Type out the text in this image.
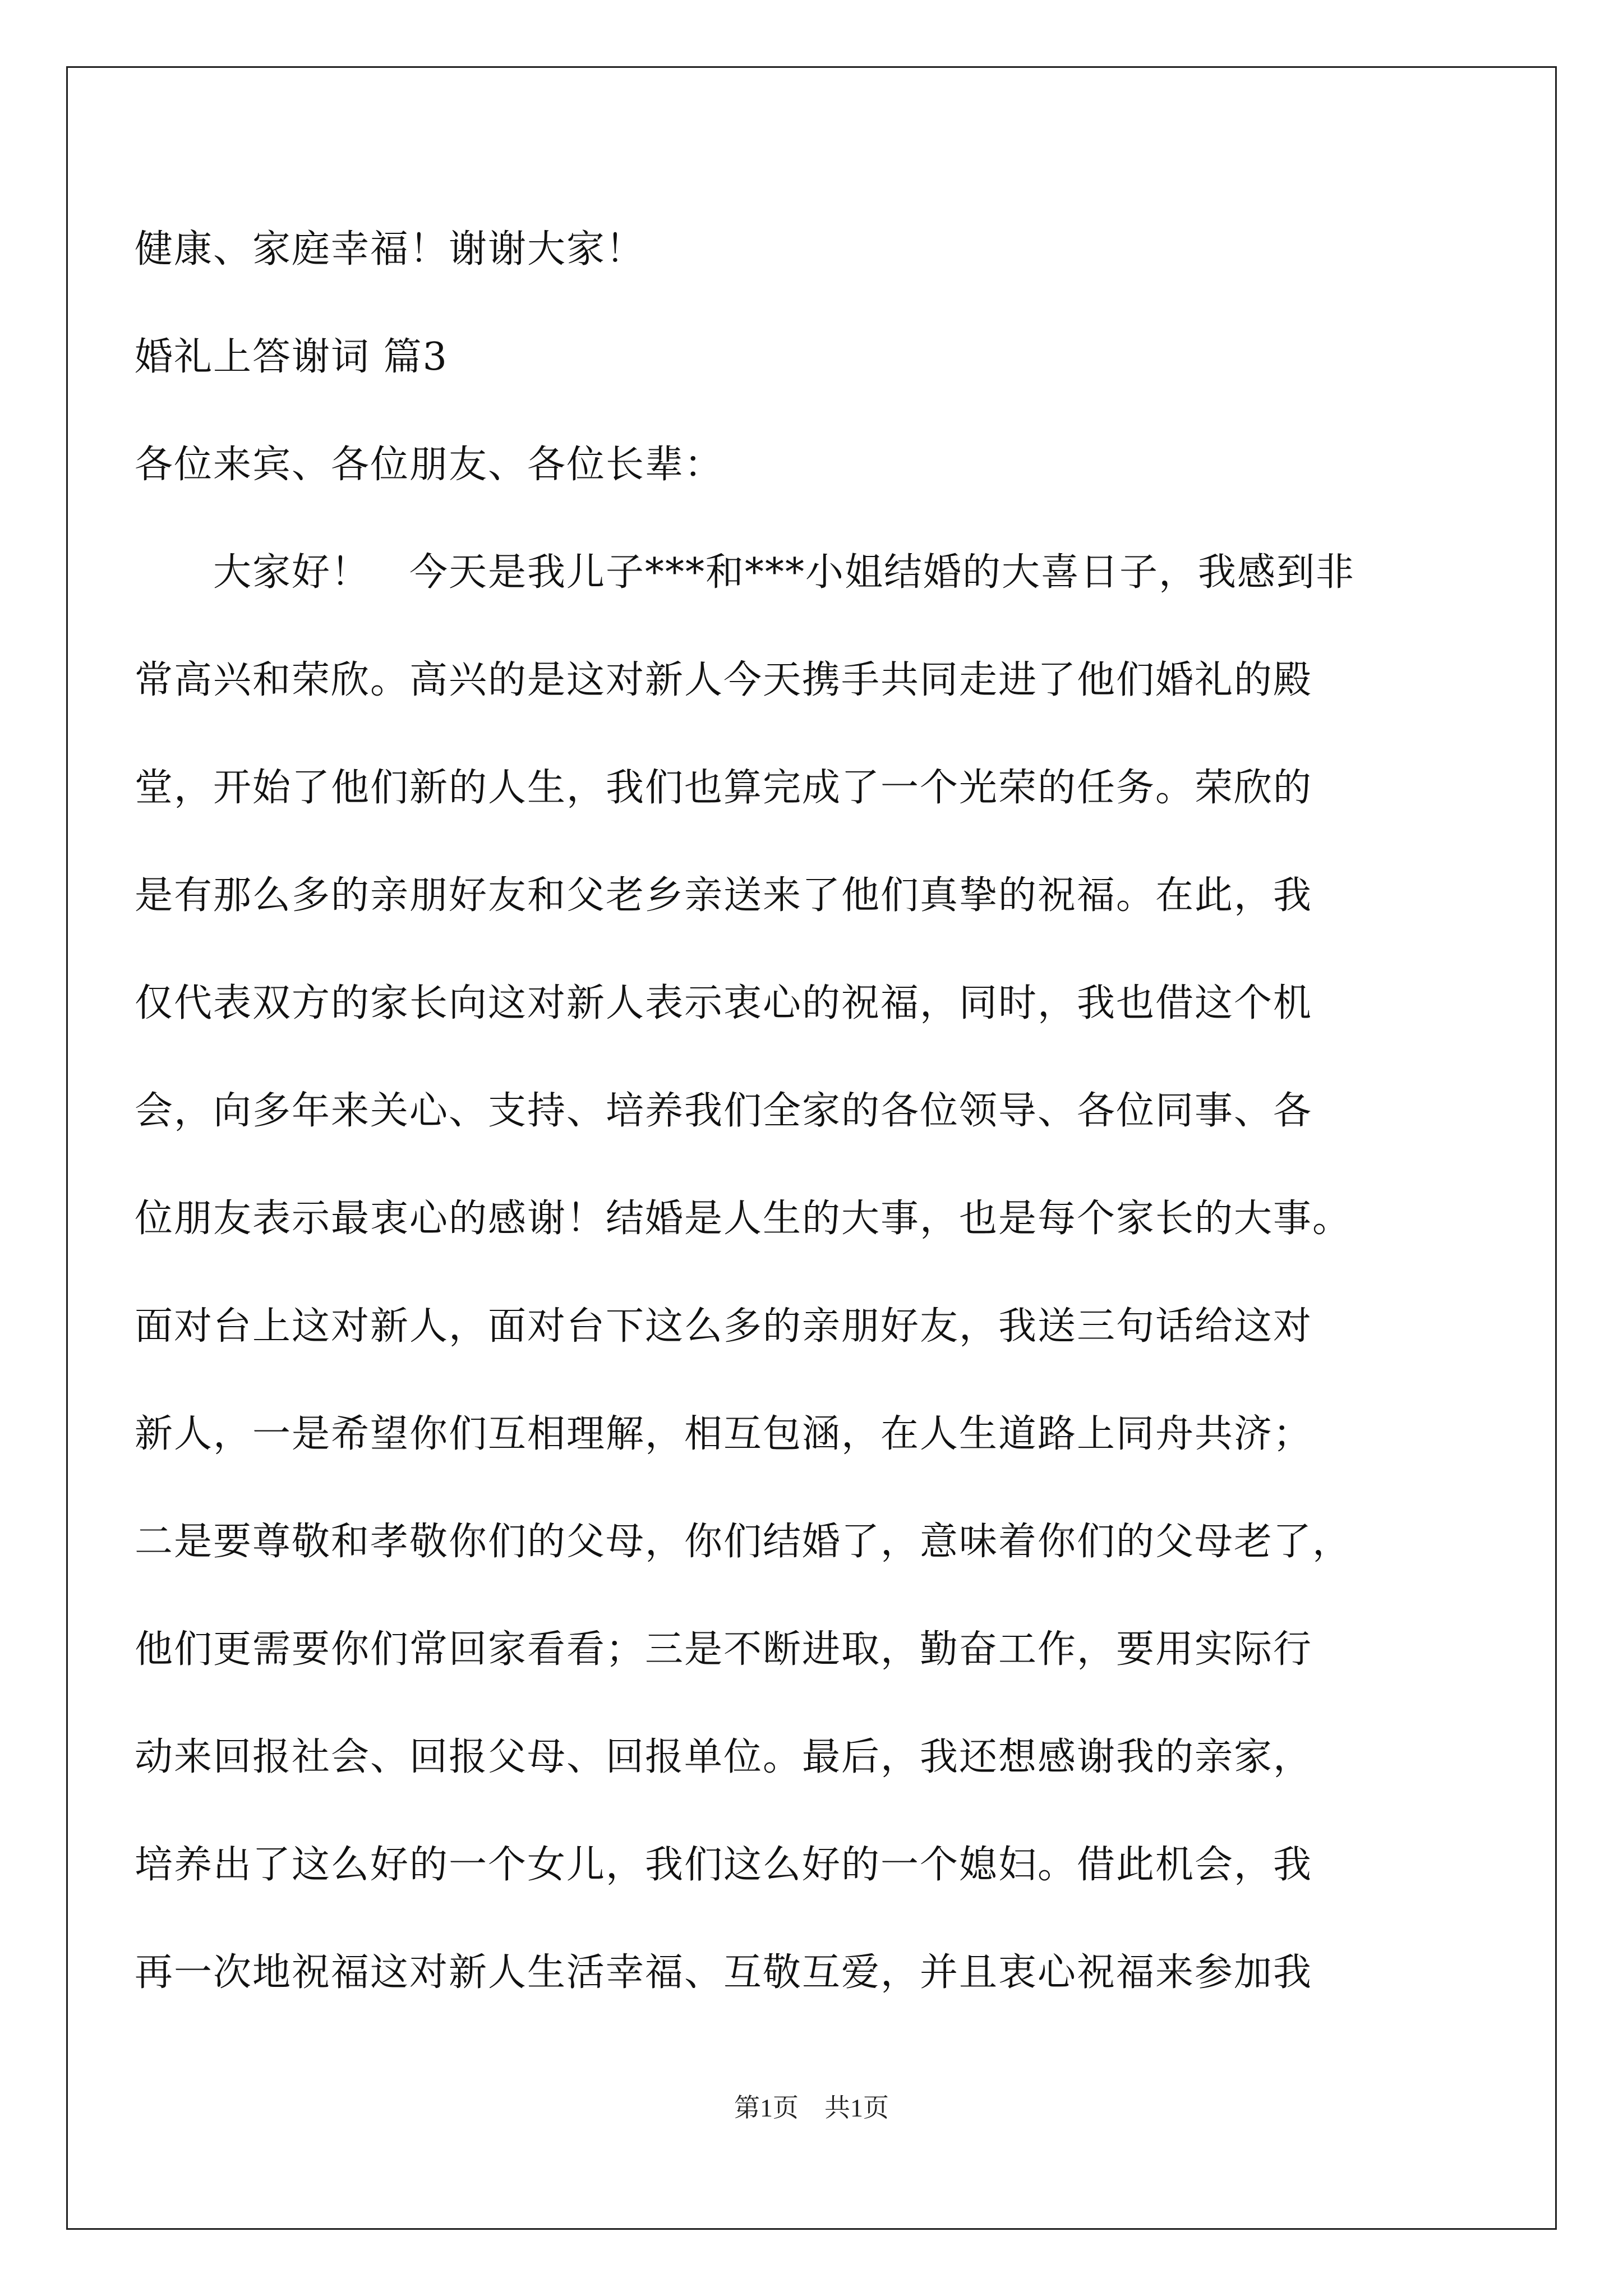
健康、家庭幸福！谢谢大家！
婚礼上答谢词 篇3
各位来宾、各位朋友、各位长辈：
　　大家好！　今天是我儿子***和***小姐结婚的大喜日子，我感到非
常高兴和荣欣。高兴的是这对新人今天携手共同走进了他们婚礼的殿
堂，开始了他们新的人生，我们也算完成了一个光荣的任务。荣欣的
是有那么多的亲朋好友和父老乡亲送来了他们真挚的祝福。在此，我
仅代表双方的家长向这对新人表示衷心的祝福，同时，我也借这个机
会，向多年来关心、支持、培养我们全家的各位领导、各位同事、各
位朋友表示最衷心的感谢！结婚是人生的大事，也是每个家长的大事。
面对台上这对新人，面对台下这么多的亲朋好友，我送三句话给这对
新人，一是希望你们互相理解，相互包涵，在人生道路上同舟共济；
二是要尊敬和孝敬你们的父母，你们结婚了，意味着你们的父母老了，
他们更需要你们常回家看看；三是不断进取，勤奋工作，要用实际行
动来回报社会、回报父母、回报单位。最后，我还想感谢我的亲家，
培养出了这么好的一个女儿，我们这么好的一个媳妇。借此机会，我
再一次地祝福这对新人生活幸福、互敬互爱，并且衷心祝福来参加我
第1页　共1页
